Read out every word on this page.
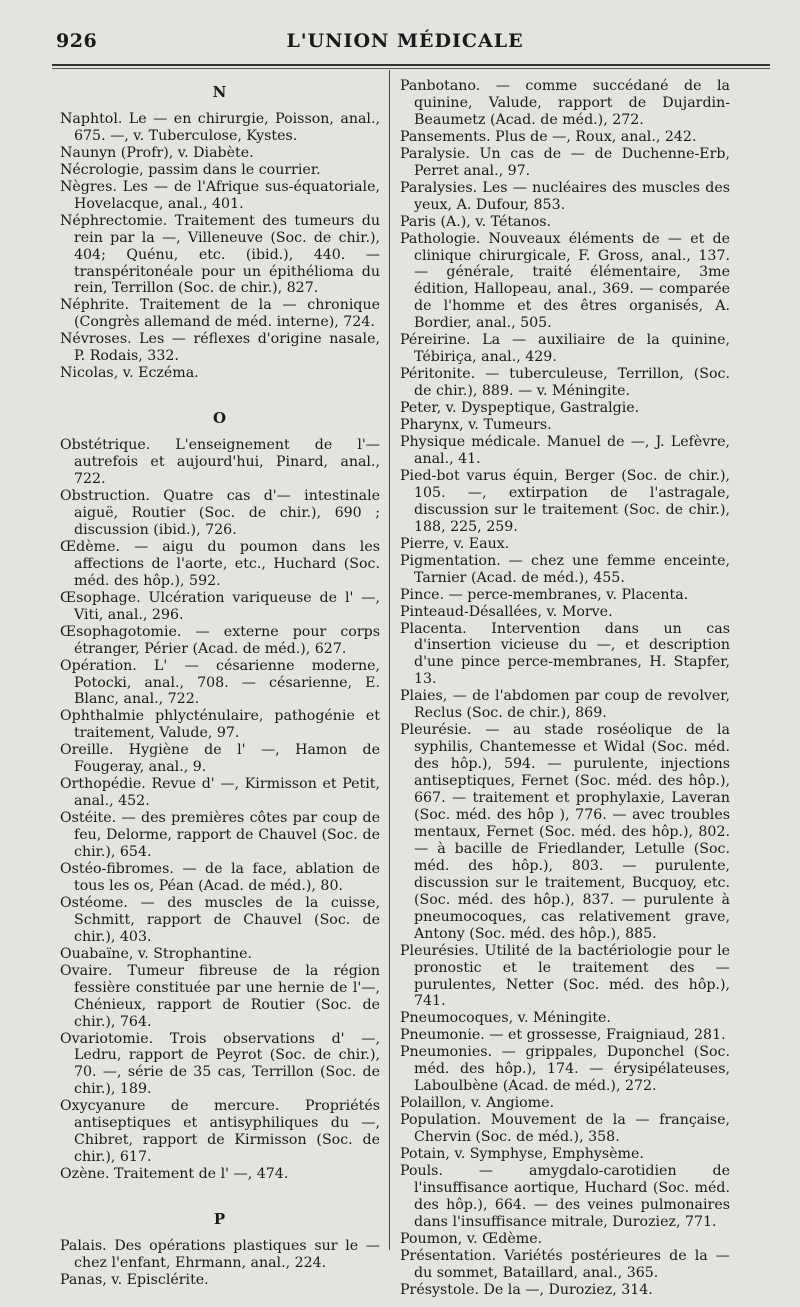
926	L'UNION MÉDICALE
N

Naphtol. Le — en chirurgie, Poisson, anal., 675. —, v. Tuberculose, Kystes.

Naunyn (Profr), v. Diabète.

Nécrologie, passim dans le courrier.

Nègres. Les — de l'Afrique sus-équatoriale, Hovelacque, anal., 401.

Néphrectomie. Traitement des tumeurs du rein par la —, Villeneuve (Soc. de chir.), 404; Quénu, etc. (ibid.), 440. — transpéritonéale pour un épithélioma du rein, Terrillon (Soc. de chir.), 827.

Néphrite. Traitement de la — chronique (Congrès allemand de méd. interne), 724.

Névroses. Les — réflexes d'origine nasale, P. Rodais, 332.

Nicolas, v. Eczéma.

O

Obstétrique. L'enseignement de l'— autrefois et aujourd'hui, Pinard, anal., 722.

Obstruction. Quatre cas d'— intestinale aiguë, Routier (Soc. de chir.), 690 ; discussion (ibid.), 726.

Œdème. — aigu du poumon dans les affections de l'aorte, etc., Huchard (Soc. méd. des hôp.), 592.

Œsophage. Ulcération variqueuse de l' —, Viti, anal., 296.

Œsophagotomie. — externe pour corps étranger, Périer (Acad. de méd.), 627.

Opération. L' — césarienne moderne, Potocki, anal., 708. — césarienne, E. Blanc, anal., 722.

Ophthalmie phlycténulaire, pathogénie et traitement, Valude, 97.

Oreille. Hygiène de l' —, Hamon de Fougeray, anal., 9.

Orthopédie. Revue d' —, Kirmisson et Petit, anal., 452.

Ostéite. — des premières côtes par coup de feu, Delorme, rapport de Chauvel (Soc. de chir.), 654.

Ostéo-fibromes. — de la face, ablation de tous les os, Péan (Acad. de méd.), 80.

Ostéome. — des muscles de la cuisse, Schmitt, rapport de Chauvel (Soc. de chir.), 403.

Ouabaïne, v. Strophantine.

Ovaire. Tumeur fibreuse de la région fessière constituée par une hernie de l'—, Chénieux, rapport de Routier (Soc. de chir.), 764.

Ovariotomie. Trois observations d' —, Ledru, rapport de Peyrot (Soc. de chir.), 70. —, série de 35 cas, Terrillon (Soc. de chir.), 189.

Oxycyanure de mercure. Propriétés antiseptiques et antisyphiliques du —, Chibret, rapport de Kirmisson (Soc. de chir.), 617.

Ozène. Traitement de l' —, 474.

P

Palais. Des opérations plastiques sur le — chez l'enfant, Ehrmann, anal., 224.

Panas, v. Episclérite.

Panbotano. — comme succédané de la quinine, Valude, rapport de Dujardin-Beaumetz (Acad. de méd.), 272.

Pansements. Plus de —, Roux, anal., 242.

Paralysie. Un cas de — de Duchenne-Erb, Perret anal., 97.

Paralysies. Les — nucléaires des muscles des yeux, A. Dufour, 853.

Paris (A.), v. Tétanos.

Pathologie. Nouveaux éléments de — et de clinique chirurgicale, F. Gross, anal., 137. — générale, traité élémentaire, 3me édition, Hallopeau, anal., 369. — comparée de l'homme et des êtres organisés, A. Bordier, anal., 505.

Péreirine. La — auxiliaire de la quinine, Tébiriça, anal., 429.

Péritonite. — tuberculeuse, Terrillon, (Soc. de chir.), 889. — v. Méningite.

Peter, v. Dyspeptique, Gastralgie.

Pharynx, v. Tumeurs.

Physique médicale. Manuel de —, J. Lefèvre, anal., 41.

Pied-bot varus équin, Berger (Soc. de chir.), 105. —, extirpation de l'astragale, discussion sur le traitement (Soc. de chir.), 188, 225, 259.

Pierre, v. Eaux.

Pigmentation. — chez une femme enceinte, Tarnier (Acad. de méd.), 455.

Pince. — perce-membranes, v. Placenta.

Pinteaud-Désallées, v. Morve.

Placenta. Intervention dans un cas d'insertion vicieuse du —, et description d'une pince perce-membranes, H. Stapfer, 13.

Plaies, — de l'abdomen par coup de revolver, Reclus (Soc. de chir.), 869.

Pleurésie. — au stade roséolique de la syphilis, Chantemesse et Widal (Soc. méd. des hôp.), 594. — purulente, injections antiseptiques, Fernet (Soc. méd. des hôp.), 667. — traitement et prophylaxie, Laveran (Soc. méd. des hôp ), 776. — avec troubles mentaux, Fernet (Soc. méd. des hôp.), 802. — à bacille de Friedlander, Letulle (Soc. méd. des hôp.), 803. — purulente, discussion sur le traitement, Bucquoy, etc. (Soc. méd. des hôp.), 837. — purulente à pneumocoques, cas relativement grave, Antony (Soc. méd. des hôp.), 885.

Pleurésies. Utilité de la bactériologie pour le pronostic et le traitement des — purulentes, Netter (Soc. méd. des hôp.), 741.

Pneumocoques, v. Méningite.

Pneumonie. — et grossesse, Fraigniaud, 281.

Pneumonies. — grippales, Duponchel (Soc. méd. des hôp.), 174. — érysipélateuses, Laboulbène (Acad. de méd.), 272.

Polaillon, v. Angiome.

Population. Mouvement de la — française, Chervin (Soc. de méd.), 358.

Potain, v. Symphyse, Emphysème.

Pouls. — amygdalo-carotidien de l'insuffisance aortique, Huchard (Soc. méd. des hôp.), 664. — des veines pulmonaires dans l'insuffisance mitrale, Duroziez, 771.

Poumon, v. Œdème.

Présentation. Variétés postérieures de la — du sommet, Bataillard, anal., 365.

Présystole. De la —, Duroziez, 314.
